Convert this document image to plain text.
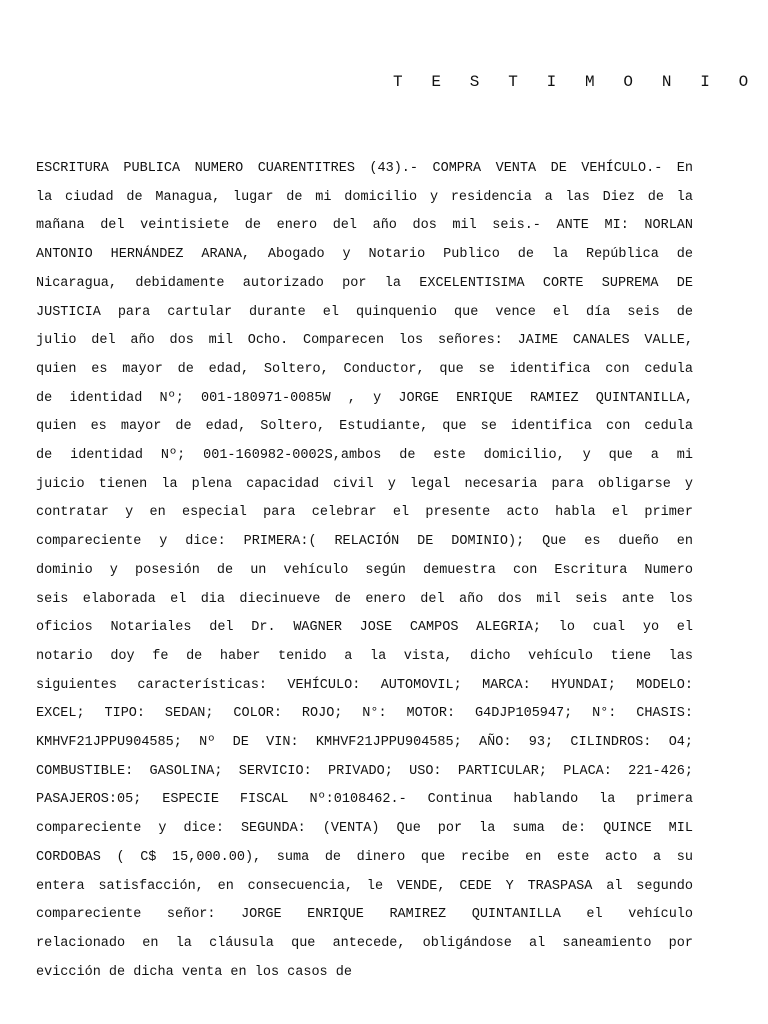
T E S T I M O N I O
ESCRITURA PUBLICA NUMERO CUARENTITRES (43).- COMPRA VENTA DE VEHÍCULO.- En
la ciudad de Managua, lugar de mi domicilio y residencia a las Diez de la
mañana del veintisiete de enero del año dos mil seis.- ANTE MI: NORLAN
ANTONIO HERNÁNDEZ ARANA, Abogado y Notario Publico de la República de
Nicaragua, debidamente autorizado por la EXCELENTISIMA CORTE SUPREMA DE
JUSTICIA para cartular durante el quinquenio que vence el día seis de
julio del año dos mil Ocho. Comparecen los señores: JAIME CANALES VALLE,
quien es mayor de edad, Soltero, Conductor, que se identifica con cedula
de identidad Nº; 001-180971-0085W , y JORGE ENRIQUE RAMIEZ QUINTANILLA,
quien es mayor de edad, Soltero, Estudiante, que se identifica con cedula
de identidad Nº; 001-160982-0002S,ambos de este domicilio, y que a mi
juicio tienen la plena capacidad civil y legal necesaria para obligarse y
contratar y en especial para celebrar el presente acto habla el primer
compareciente y dice: PRIMERA:( RELACIÓN DE DOMINIO); Que es dueño en
dominio y posesión de un vehículo según demuestra con Escritura Numero
seis elaborada el dia diecinueve de enero del año dos mil seis ante los
oficios Notariales del Dr. WAGNER JOSE CAMPOS ALEGRIA; lo cual yo el
notario doy fe de haber tenido a la vista, dicho vehículo tiene las
siguientes características: VEHÍCULO: AUTOMOVIL; MARCA: HYUNDAI; MODELO:
EXCEL; TIPO: SEDAN; COLOR: ROJO; N°: MOTOR: G4DJP105947; N°: CHASIS:
KMHVF21JPPU904585; Nº DE VIN: KMHVF21JPPU904585; AÑO: 93; CILINDROS: O4;
COMBUSTIBLE: GASOLINA; SERVICIO: PRIVADO; USO: PARTICULAR; PLACA: 221-426;
PASAJEROS:05; ESPECIE FISCAL Nº:0108462.- Continua hablando la primera
compareciente y dice: SEGUNDA: (VENTA) Que por la suma de: QUINCE MIL
CORDOBAS ( C$ 15,000.00), suma de dinero que recibe en este acto a su
entera satisfacción, en consecuencia, le VENDE, CEDE Y TRASPASA al segundo
compareciente señor: JORGE ENRIQUE RAMIREZ QUINTANILLA el vehículo
relacionado en la cláusula que antecede, obligándose al saneamiento por
evicción de dicha venta en los casos de
